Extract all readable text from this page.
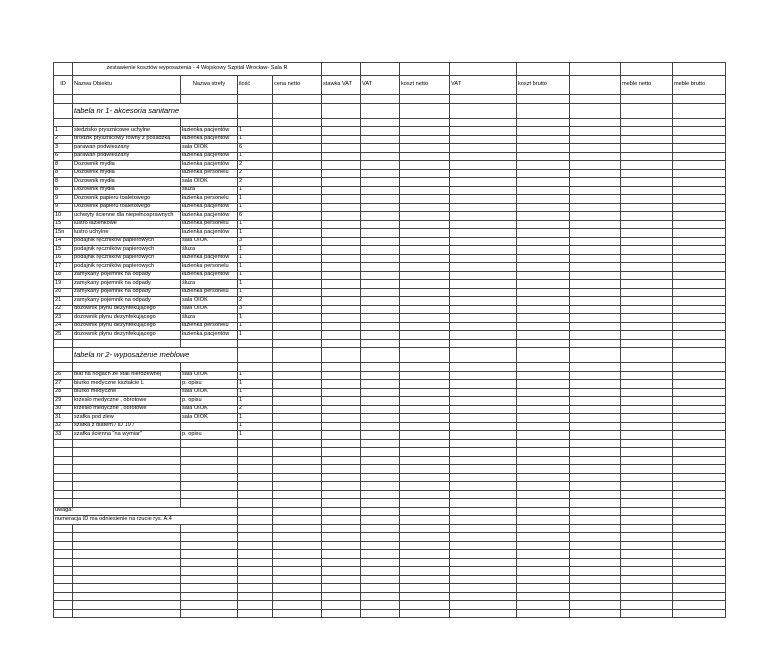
	zestawienie kosztów wyposażenia - 4 Wojskowy Szpital Wrocław- Sala R											
ID	Nazwa Obiektu	Nazwa strefy	ilość	cena netto	stawka VAT	VAT	koszt netto	VAT	koszt brutto		meble netto	meble brutto

	tabela nr 1- akcesoria sanitarne											

1	siedzisko prysznicowe uchylne	łazienka pacjentów	1									
2	brodzik prysznicowy równy z posadzką	łazienka pacjentów	1									
3	parawan podwieszany	sala OIOK	6									
6	parawan podwieszany	łazienka pacjentów	1									
8	Dozownik mydła	łazienka pacjentów	2									
8	Dozownik mydła	łazienka personelu	2									
8	Dozownik mydła	sala OIOK	2									
8	Dozownik mydła	śluza	1									
9	Dozownik papieru toaletowego	łazienka personelu	1									
9	Dozownik papieru toaletowego	łazienka pacjentów	1									
10	uchwyty ścienne dla niepełnosprawnych	łazienka pacjentów	6									
15	lustro łazienkowe	łazienka personelu	1									
15n	lustro uchylne	łazienka pacjentów	1									
14	podajnik ręczników papierowych	sala OIOK	3									
15	podajnik ręczników papierowych	śluza	1									
16	podajnik ręczników papierowych	łazienka pacjentów	1									
17	podajnik ręczników papierowych	łazienka personelu	1									
18	zamykany pojemnik na odpady	łazienka pacjentów	1									
19	zamykany pojemnik na odpady	śluza	1									
20	zamykany pojemnik na odpady	łazienka personelu	1									
21	zamykany pojemnik na odpady	sala OIOK	2									
22	dozownik płynu dezynfekującego	sala OIOK	3									
23	dozownik płynu dezynfekującego	śluza	1									
24	dozownik płynu dezynfekującego	łazienka personelu	1									
25	dozownik płynu dezynfekującego	łazienka pacjentów	1									

	tabela nr 2- wyposażenie meblowe											

26	blat na nogach ze stali nierdzewnej	sala OIOK	1									
27	biurko medyczne kształcie L	p. opisu	1									
28	biurko medyczne	sala OIOK	1									
29	krzesło medyczne , obrotowe	p. opisu	1									
30	krzesło medyczne , obrotowe	sala OIOK	2									
31	szafka pod zlew	sala OIOK	1									
32	szafka z blatem / ID 19 /		1									
33	szafka ścienna "na wymiar"	p. opisu	1									

uwaga:												
numeracja ID ma odniesienie na rzucie rys. A.4												
